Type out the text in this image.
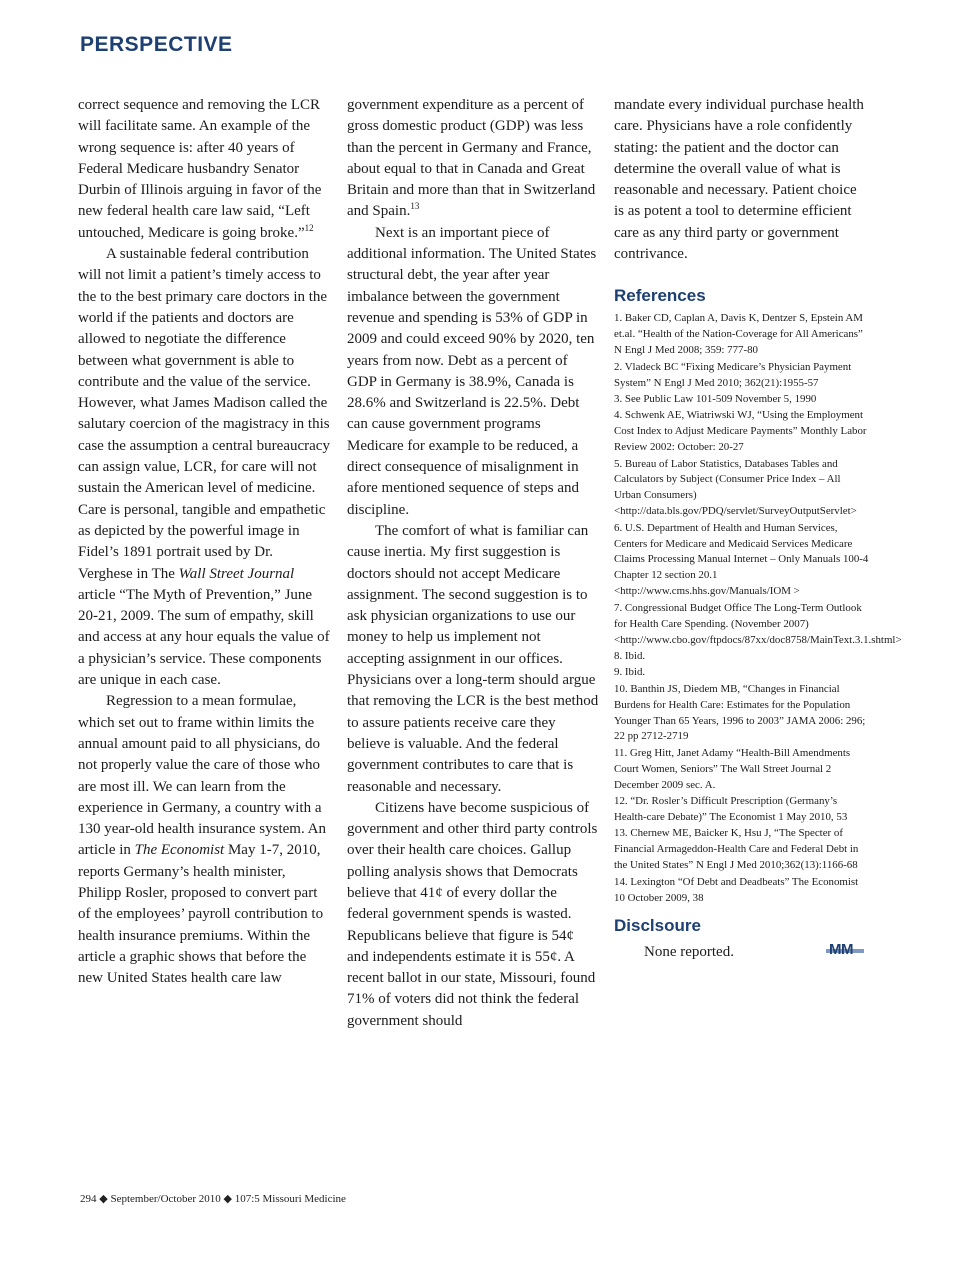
PERSPECTIVE

correct sequence and removing the LCR will facilitate same. An example of the wrong sequence is: after 40 years of Federal Medicare husbandry Senator Durbin of Illinois arguing in favor of the new federal health care law said, “Left untouched, Medicare is going broke.”$^{12}$

A sustainable federal contribution will not limit a patient’s timely access to the to the best primary care doctors in the world if the patients and doctors are allowed to negotiate the difference between what government is able to contribute and the value of the service. However, what James Madison called the salutary coercion of the magistracy in this case the assumption a central bureaucracy can assign value, LCR, for care will not sustain the American level of medicine. Care is personal, tangible and empathetic as depicted by the powerful image in Fidel’s 1891 portrait used by Dr. Verghese in The Wall Street Journal article “The Myth of Prevention,” June 20-21, 2009. The sum of empathy, skill and access at any hour equals the value of a physician’s service. These components are unique in each case.

Regression to a mean formulae, which set out to frame within limits the annual amount paid to all physicians, do not properly value the care of those who are most ill. We can learn from the experience in Germany, a country with a 130 year-old health insurance system. An article in The Economist May 1-7, 2010, reports Germany’s health minister, Philipp Rosler, proposed to convert part of the employees’ payroll contribution to health insurance premiums. Within the article a graphic shows that before the new United States health care law

government expenditure as a percent of gross domestic product (GDP) was less than the percent in Germany and France, about equal to that in Canada and Great Britain and more than that in Switzerland and Spain.$^{13}$

Next is an important piece of additional information. The United States structural debt, the year after year imbalance between the government revenue and spending is 53% of GDP in 2009 and could exceed 90% by 2020, ten years from now. Debt as a percent of GDP in Germany is 38.9%, Canada is 28.6% and Switzerland is 22.5%. Debt can cause government programs Medicare for example to be reduced, a direct consequence of misalignment in afore mentioned sequence of steps and discipline.

The comfort of what is familiar can cause inertia. My first suggestion is doctors should not accept Medicare assignment. The second suggestion is to ask physician organizations to use our money to help us implement not accepting assignment in our offices. Physicians over a long-term should argue that removing the LCR is the best method to assure patients receive care they believe is valuable. And the federal government contributes to care that is reasonable and necessary.

Citizens have become suspicious of government and other third party controls over their health care choices. Gallup polling analysis shows that Democrats believe that 41¢ of every dollar the federal government spends is wasted. Republicans believe that figure is 54¢ and independents estimate it is 55¢. A recent ballot in our state, Missouri, found 71% of voters did not think the federal government should

mandate every individual purchase health care. Physicians have a role confidently stating: the patient and the doctor can determine the overall value of what is reasonable and necessary. Patient choice is as potent a tool to determine efficient care as any third party or government contrivance.

References
1. Baker CD, Caplan A, Davis K, Dentzer S, Epstein AM et.al. “Health of the Nation-Coverage for All Americans” N Engl J Med 2008; 359: 777-80
2. Vladeck BC “Fixing Medicare’s Physician Payment System” N Engl J Med 2010; 362(21):1955-57
3. See Public Law 101-509 November 5, 1990
4. Schwenk AE, Wiatriwski WJ, “Using the Employment Cost Index to Adjust Medicare Payments” Monthly Labor Review 2002: October: 20-27
5. Bureau of Labor Statistics, Databases Tables and Calculators by Subject (Consumer Price Index – All Urban Consumers) <http://data.bls.gov/PDQ/servlet/SurveyOutputServlet>
6. U.S. Department of Health and Human Services, Centers for Medicare and Medicaid Services Medicare Claims Processing Manual Internet – Only Manuals 100-4 Chapter 12 section 20.1 <http://www.cms.hhs.gov/Manuals/IOM >
7. Congressional Budget Office The Long-Term Outlook for Health Care Spending. (November 2007) <http://www.cbo.gov/ftpdocs/87xx/doc8758/MainText.3.1.shtml>
8. Ibid.
9. Ibid.
10. Banthin JS, Diedem MB, “Changes in Financial Burdens for Health Care: Estimates for the Population Younger Than 65 Years, 1996 to 2003” JAMA 2006: 296; 22 pp 2712-2719
11. Greg Hitt, Janet Adamy “Health-Bill Amendments Court Women, Seniors” The Wall Street Journal 2 December 2009 sec. A.
12. “Dr. Rosler’s Difficult Prescription (Germany’s Health-care Debate)” The Economist 1 May 2010, 53
13. Chernew ME, Baicker K, Hsu J, “The Specter of Financial Armageddon-Health Care and Federal Debt in the United States” N Engl J Med 2010;362(13):1166-68
14. Lexington “Of Debt and Deadbeats” The Economist 10 October 2009, 38
Disclsoure

None reported.	MM

294 ◆ September/October 2010 ◆ 107:5 Missouri Medicine
